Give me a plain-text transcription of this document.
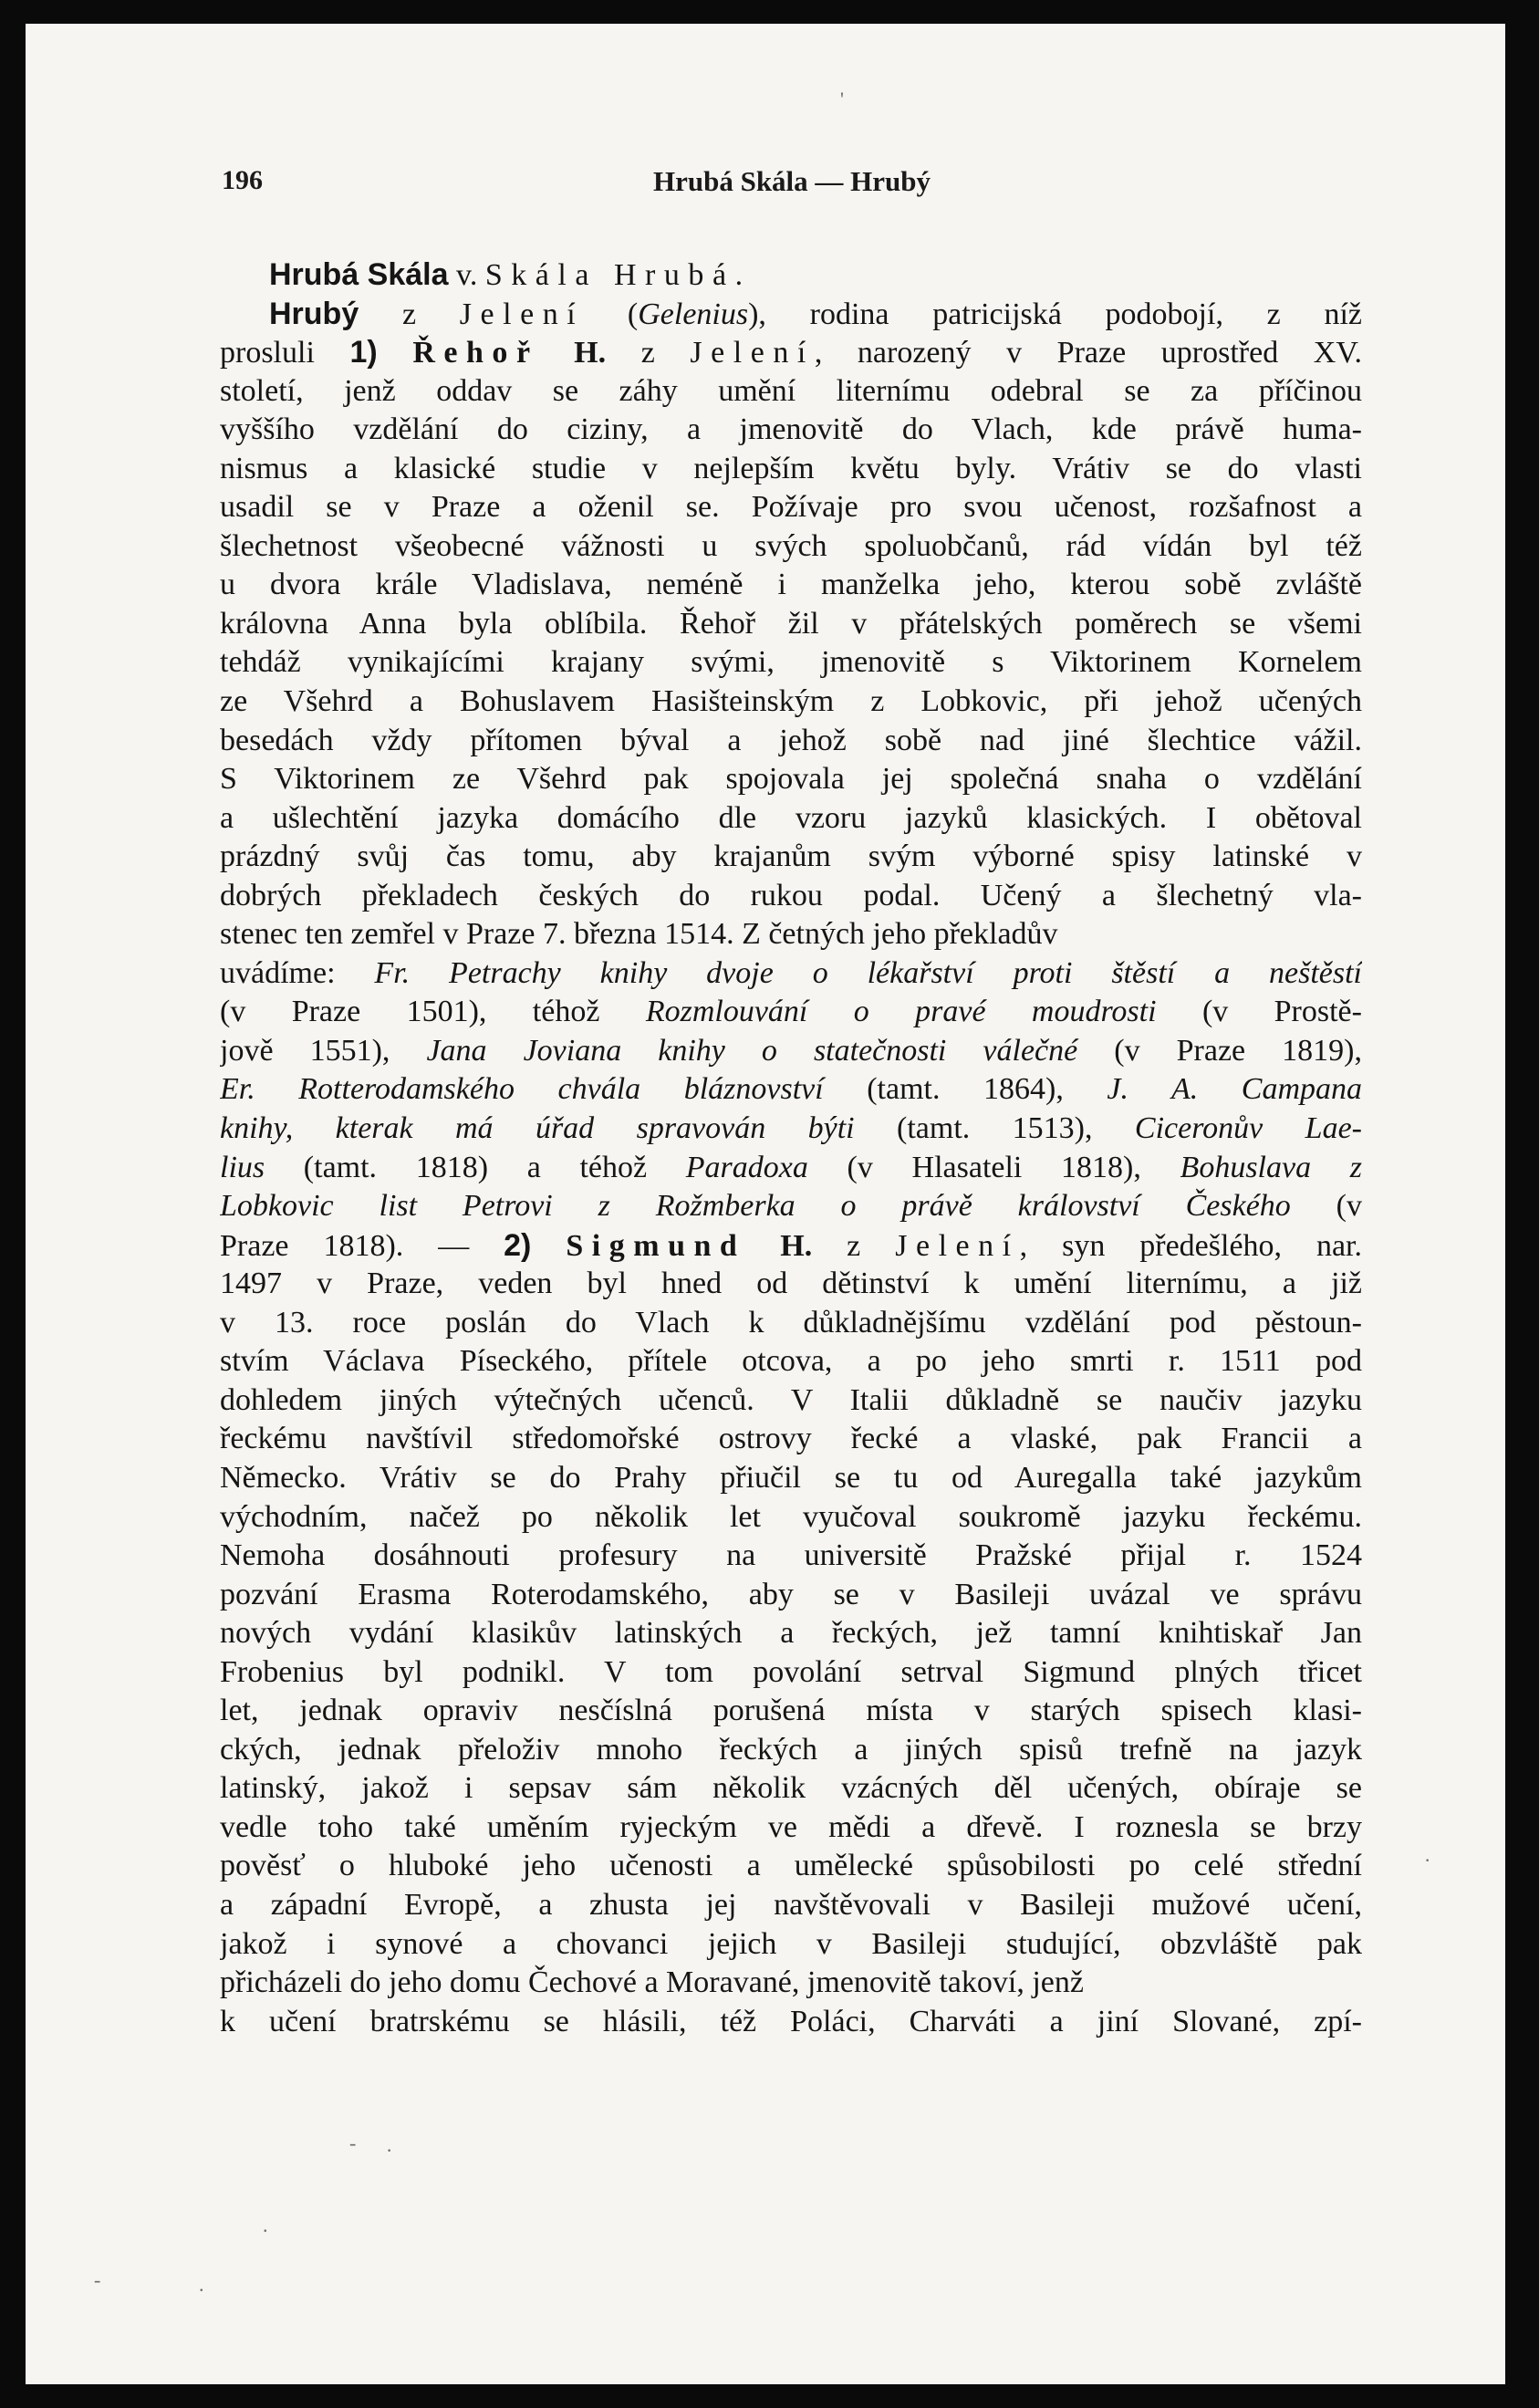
196	Hrubá Skála — Hrubý
Hrubá Skála v. Skála Hrubá.
Hrubý z Jelení (Gelenius), rodina patricijská podobojí, z níž
prosluli 1) Řehoř H. z Jelení, narozený v Praze uprostřed XV.
století, jenž oddav se záhy umění liternímu odebral se za příčinou
vyššího vzdělání do ciziny, a jmenovitě do Vlach, kde právě huma-
nismus a klasické studie v nejlepším květu byly. Vrátiv se do vlasti
usadil se v Praze a oženil se. Požívaje pro svou učenost, rozšafnost a
šlechetnost všeobecné vážnosti u svých spoluobčanů, rád vídán byl též
u dvora krále Vladislava, neméně i manželka jeho, kterou sobě zvláště
královna Anna byla oblíbila. Řehoř žil v přátelských poměrech se všemi
tehdáž vynikajícími krajany svými, jmenovitě s Viktorinem Kornelem
ze Všehrd a Bohuslavem Hasišteinským z Lobkovic, při jehož učených
besedách vždy přítomen býval a jehož sobě nad jiné šlechtice vážil.
S Viktorinem ze Všehrd pak spojovala jej společná snaha o vzdělání
a ušlechtění jazyka domácího dle vzoru jazyků klasických. I obětoval
prázdný svůj čas tomu, aby krajanům svým výborné spisy latinské v
dobrých překladech českých do rukou podal. Učený a šlechetný vla-
stenec ten zemřel v Praze 7. března 1514. Z četných jeho překladův
uvádíme: Fr. Petrachy knihy dvoje o lékařství proti štěstí a neštěstí
(v Praze 1501), téhož Rozmlouvání o pravé moudrosti (v Prostě-
jově 1551), Jana Joviana knihy o statečnosti válečné (v Praze 1819),
Er. Rotterodamského chvála bláznovství (tamt. 1864), J. A. Campana
knihy, kterak má úřad spravován býti (tamt. 1513), Ciceronův Lae-
lius (tamt. 1818) a téhož Paradoxa (v Hlasateli 1818), Bohuslava z
Lobkovic list Petrovi z Rožmberka o právě království Českého (v
Praze 1818). — 2) Sigmund H. z Jelení, syn předešlého, nar.
1497 v Praze, veden byl hned od dětinství k umění liternímu, a již
v 13. roce poslán do Vlach k důkladnějšímu vzdělání pod pěstoun-
stvím Václava Píseckého, přítele otcova, a po jeho smrti r. 1511 pod
dohledem jiných výtečných učenců. V Italii důkladně se naučiv jazyku
řeckému navštívil středomořské ostrovy řecké a vlaské, pak Francii a
Německo. Vrátiv se do Prahy přiučil se tu od Auregalla také jazykům
východním, načež po několik let vyučoval soukromě jazyku řeckému.
Nemoha dosáhnouti profesury na universitě Pražské přijal r. 1524
pozvání Erasma Roterodamského, aby se v Basileji uvázal ve správu
nových vydání klasikův latinských a řeckých, jež tamní knihtiskař Jan
Frobenius byl podnikl. V tom povolání setrval Sigmund plných třicet
let, jednak opraviv nesčíslná porušená místa v starých spisech klasi-
ckých, jednak přeloživ mnoho řeckých a jiných spisů trefně na jazyk
latinský, jakož i sepsav sám několik vzácných děl učených, obíraje se
vedle toho také uměním ryjeckým ve mědi a dřevě. I roznesla se brzy
pověsť o hluboké jeho učenosti a umělecké spůsobilosti po celé střední
a západní Evropě, a zhusta jej navštěvovali v Basileji mužové učení,
jakož i synové a chovanci jejich v Basileji studující, obzvláště pak
přicházeli do jeho domu Čechové a Moravané, jmenovitě takoví, jenž
k učení bratrskému se hlásili, též Poláci, Charváti a jiní Slované, zpí-
'
·
- ·
.
-	.
